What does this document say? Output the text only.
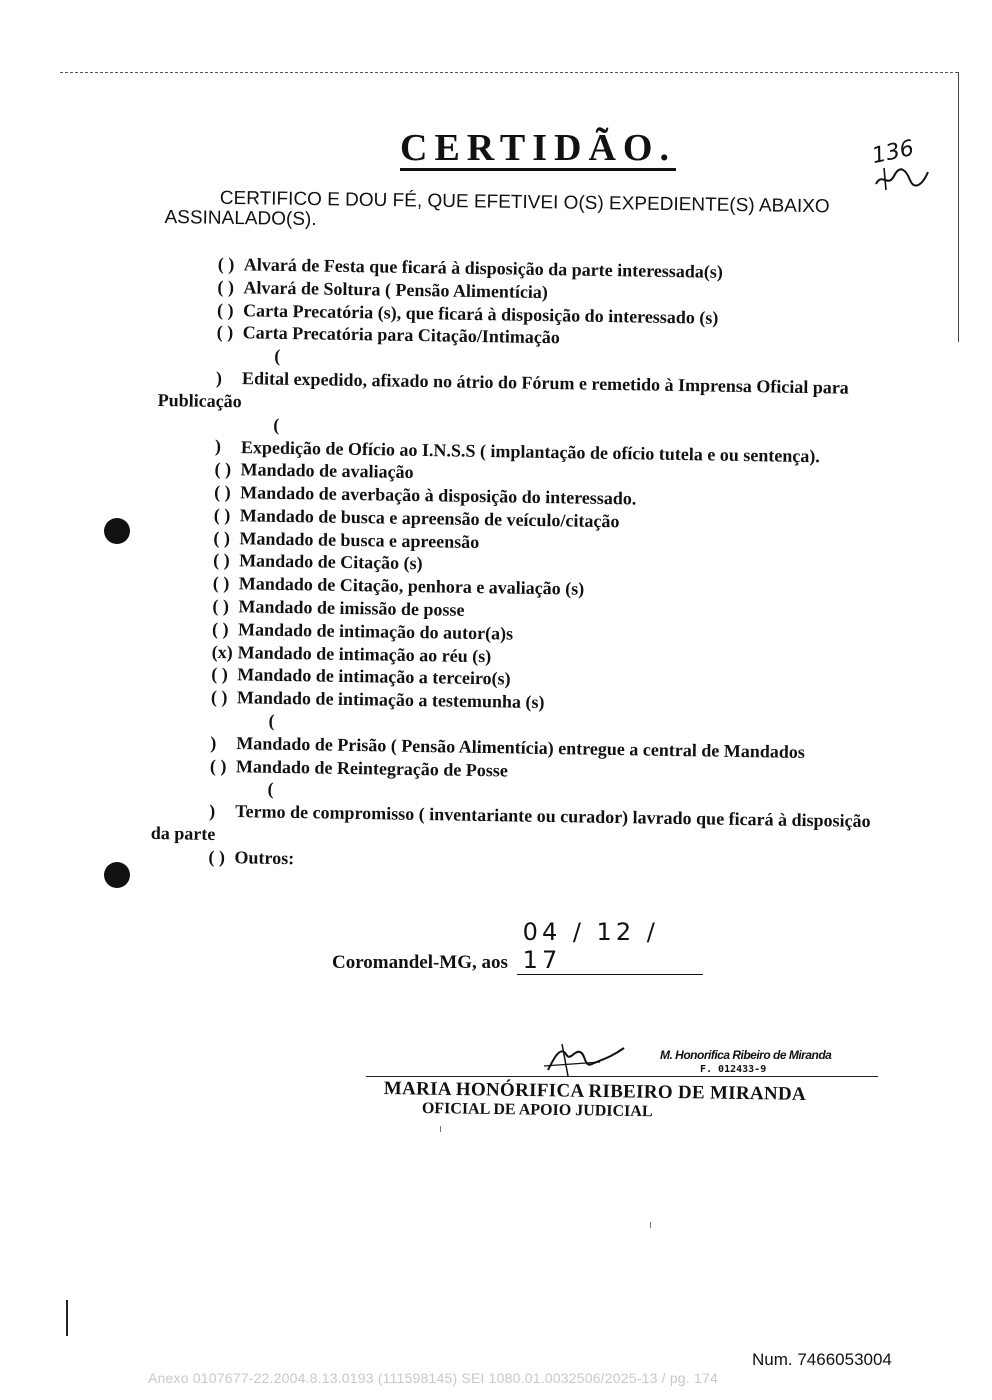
CERTIDÃO.	136
CERTIFICO E DOU FÉ, QUE EFETIVEI O(S) EXPEDIENTE(S) ABAIXO ASSINALADO(S).

( ) Alvará de Festa que ficará à disposição da parte interessada(s)

( ) Alvará de Soltura ( Pensão Alimentícia)

( ) Carta Precatória (s), que ficará à disposição do interessado (s)

( ) Carta Precatória para Citação/Intimação

( ) Edital expedido, afixado no átrio do Fórum e remetido à Imprensa Oficial para Publicação

( ) Expedição de Ofício ao I.N.S.S ( implantação de ofício tutela e ou sentença).

( ) Mandado de avaliação

( ) Mandado de averbação à disposição do interessado.

( ) Mandado de busca e apreensão de veículo/citação

( ) Mandado de busca e apreensão

( ) Mandado de Citação (s)

( ) Mandado de Citação, penhora e avaliação (s)

( ) Mandado de imissão de posse

( ) Mandado de intimação do autor(a)s

(x) Mandado de intimação ao réu (s)

( ) Mandado de intimação a terceiro(s)

( ) Mandado de intimação a testemunha (s)

( ) Mandado de Prisão ( Pensão Alimentícia) entregue a central de Mandados

( ) Mandado de Reintegração de Posse

( ) Termo de compromisso ( inventariante ou curador) lavrado que ficará à disposição da parte

( ) Outros:

Coromandel-MG, aos 04 / 12 / 17
M. Honorifica Ribeiro de Miranda
F. 012433-9
MARIA HONÓRIFICA RIBEIRO DE MIRANDA
OFICIAL DE APOIO JUDICIAL
Num. 7466053004
Anexo 0107677-22.2004.8.13.0193 (111598145) SEI 1080.01.0032506/2025-13 / pg. 174
